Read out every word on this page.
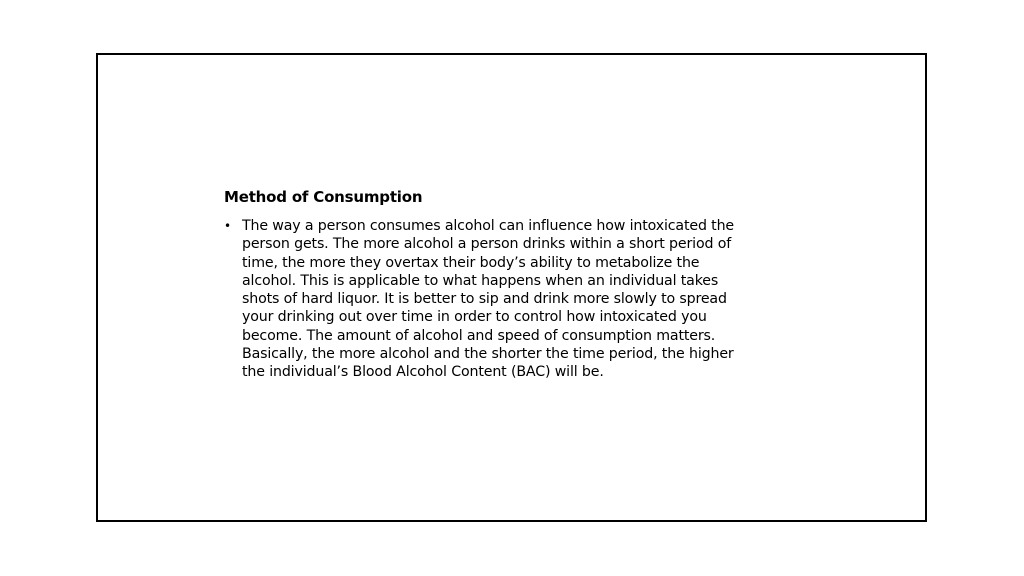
Method of Consumption
• The way a person consumes alcohol can influence how intoxicated the
person gets. The more alcohol a person drinks within a short period of
time, the more they overtax their body’s ability to metabolize the
alcohol. This is applicable to what happens when an individual takes
shots of hard liquor. It is better to sip and drink more slowly to spread
your drinking out over time in order to control how intoxicated you
become. The amount of alcohol and speed of consumption matters.
Basically, the more alcohol and the shorter the time period, the higher
the individual’s Blood Alcohol Content (BAC) will be.
